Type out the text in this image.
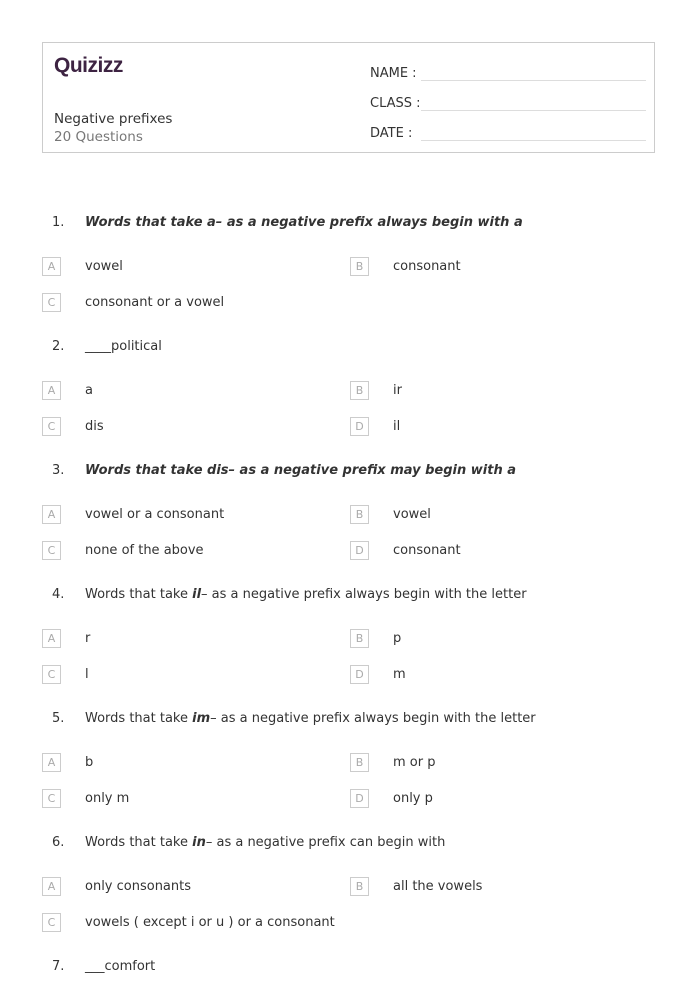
Quizizz
Negative prefixes
20 Questions
NAME :
CLASS :
DATE :
1.	Words that take a– as a negative prefix always begin with a
A	vowel	B	consonant
C	consonant or a vowel
2.	____political
A	a	B	ir
C	dis	D	il
3.	Words that take dis– as a negative prefix may begin with a
A	vowel or a consonant	B	vowel
C	none of the above	D	consonant
4.	Words that take il– as a negative prefix always begin with the letter
A	r	B	p
C	l	D	m
5.	Words that take im– as a negative prefix always begin with the letter
A	b	B	m or p
C	only m	D	only p
6.	Words that take in– as a negative prefix can begin with
A	only consonants	B	all the vowels
C	vowels ( except i or u ) or a consonant
7.	___comfort
